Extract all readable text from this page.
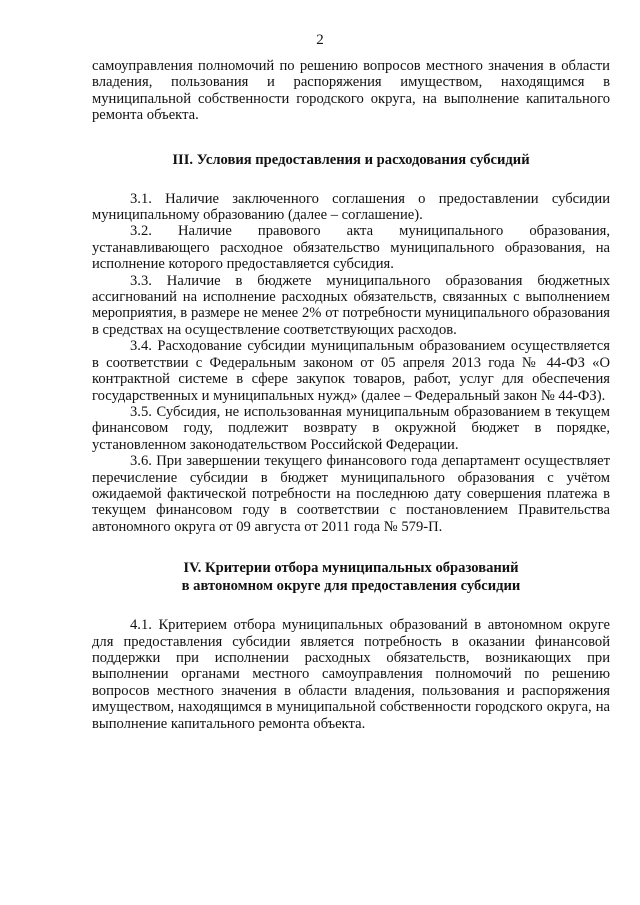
2

самоуправления полномочий по решению вопросов местного значения в области владения, пользования и распоряжения имуществом, находящимся в муниципальной собственности городского округа, на выполнение капитального ремонта объекта.

III. Условия предоставления и расходования субсидий

3.1. Наличие заключенного соглашения о предоставлении субсидии муниципальному образованию (далее – соглашение).

3.2. Наличие правового акта муниципального образования, устанавливающего расходное обязательство муниципального образования, на исполнение которого предоставляется субсидия.

3.3. Наличие в бюджете муниципального образования бюджетных ассигнований на исполнение расходных обязательств, связанных с выполнением мероприятия, в размере не менее 2% от потребности муниципального образования в средствах на осуществление соответствующих расходов.

3.4. Расходование субсидии муниципальным образованием осуществляется в соответствии с Федеральным законом от 05 апреля 2013 года № 44-ФЗ «О контрактной системе в сфере закупок товаров, работ, услуг для обеспечения государственных и муниципальных нужд» (далее – Федеральный закон № 44-ФЗ).

3.5. Субсидия, не использованная муниципальным образованием в текущем финансовом году, подлежит возврату в окружной бюджет в порядке, установленном законодательством Российской Федерации.

3.6. При завершении текущего финансового года департамент осуществляет перечисление субсидии в бюджет муниципального образования с учётом ожидаемой фактической потребности на последнюю дату совершения платежа в текущем финансовом году в соответствии с постановлением Правительства автономного округа от 09 августа от 2011 года № 579-П.

IV. Критерии отбора муниципальных образований
в автономном округе для предоставления субсидии

4.1. Критерием отбора муниципальных образований в автономном округе для предоставления субсидии является потребность в оказании финансовой поддержки при исполнении расходных обязательств, возникающих при выполнении органами местного самоуправления полномочий по решению вопросов местного значения в области владения, пользования и распоряжения имуществом, находящимся в муниципальной собственности городского округа, на выполнение капитального ремонта объекта.
